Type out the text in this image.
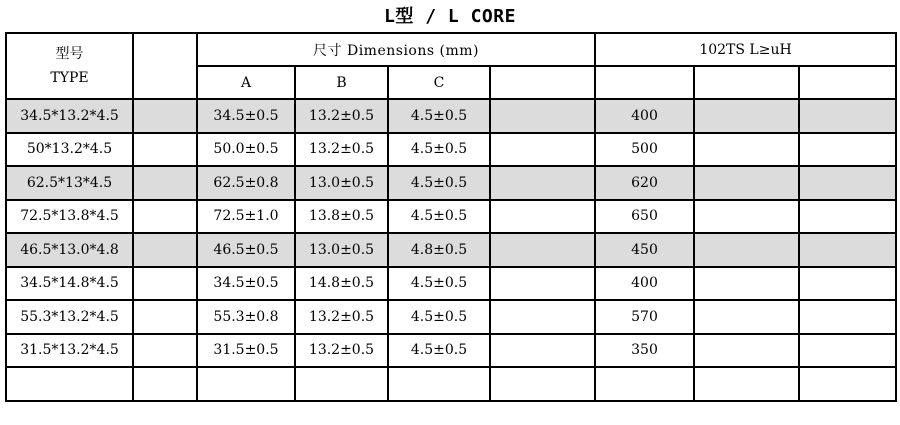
L型 / L CORE
型号
TYPE		尺寸 Dimensions (mm)				102TS L≥uH		
		A	B	C				
34.5*13.2*4.5		34.5±0.5	13.2±0.5	4.5±0.5		400		
50*13.2*4.5		50.0±0.5	13.2±0.5	4.5±0.5		500		
62.5*13*4.5		62.5±0.8	13.0±0.5	4.5±0.5		620		
72.5*13.8*4.5		72.5±1.0	13.8±0.5	4.5±0.5		650		
46.5*13.0*4.8		46.5±0.5	13.0±0.5	4.8±0.5		450		
34.5*14.8*4.5		34.5±0.5	14.8±0.5	4.5±0.5		400		
55.3*13.2*4.5		55.3±0.8	13.2±0.5	4.5±0.5		570		
31.5*13.2*4.5		31.5±0.5	13.2±0.5	4.5±0.5		350		
